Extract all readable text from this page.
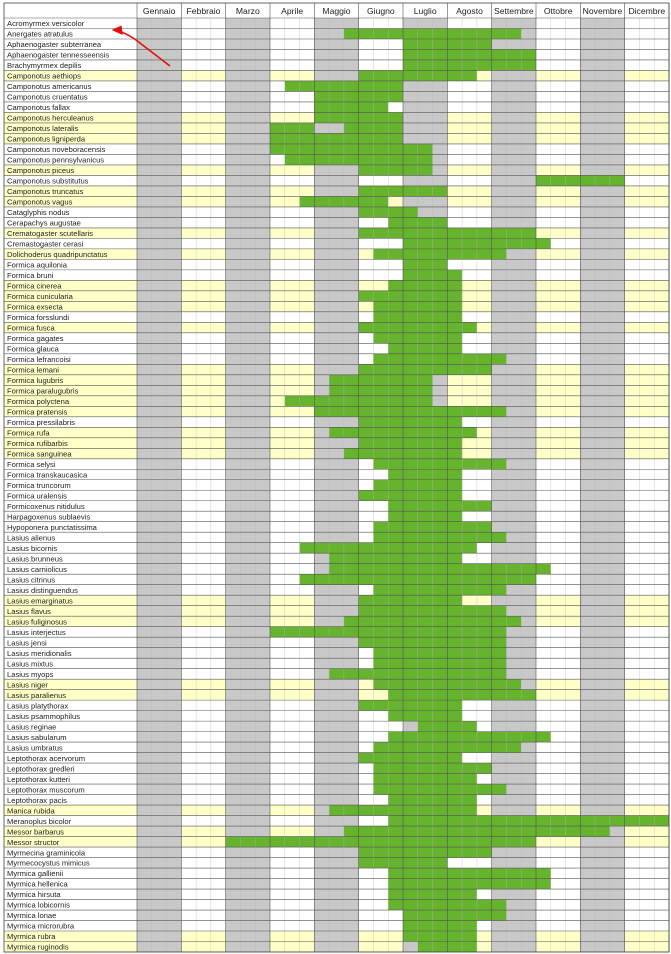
Gennaio Febbraio Marzo Aprile Maggio Giugno Luglio Agosto Settembre Ottobre Novembre Dicembre
Acromyrmex versicolor
Anergates atratulus
Aphaenogaster subterranea
Aphaenogaster tennesseensis
Brachymyrmex depilis
Camponotus aethiops
Camponotus americanus
Camponotus cruentatus
Camponotus fallax
Camponotus herculeanus
Camponotus lateralis
Camponotus ligniperda
Camponotus noveboracensis
Camponotus pennsylvanicus
Camponotus piceus
Camponotus substitutus
Camponotus truncatus
Camponotus vagus
Cataglyphis nodus
Cerapachys augustae
Crematogaster scutellaris
Cremastogaster cerasi
Dolichoderus quadripunctatus
Formica aquilonia
Formica bruni
Formica cinerea
Formica cunicularia
Formica exsecta
Formica forsslundi
Formica fusca
Formica gagates
Formica glauca
Formica lefrancoisi
Formica lemani
Formica lugubris
Formica paralugubris
Formica polyctena
Formica pratensis
Formica pressilabris
Formica rufa
Formica rufibarbis
Formica sanguinea
Formica selysi
Formica transkaucasica
Formica truncorum
Formica uralensis
Formicoxenus nitidulus
Harpagoxenus sublaevis
Hypoponera punctatissima
Lasius alienus
Lasius bicornis
Lasius brunneus
Lasius carniolicus
Lasius citrinus
Lasius distinguendus
Lasius emarginatus
Lasius flavus
Lasius fuliginosus
Lasius interjectus
Lasius jensi
Lasius meridionalis
Lasius mixtus
Lasius myops
Lasius niger
Lasius paralienus
Lasius platythorax
Lasius psammophilus
Lasius reginae
Lasius sabularum
Lasius umbratus
Leptothorax acervorum
Leptothorax gredleri
Leptothorax kutteri
Leptothorax muscorum
Leptothorax pacis
Manica rubida
Meranoplus bicolor
Messor barbarus
Messor structor
Myrmecina graminicola
Myrmecocystus mimicus
Myrmica gallienii
Myrmica hellenica
Myrmica hirsuta
Myrmica lobicornis
Myrmica lonae
Myrmica microrubra
Myrmica rubra
Myrmica ruginodis
